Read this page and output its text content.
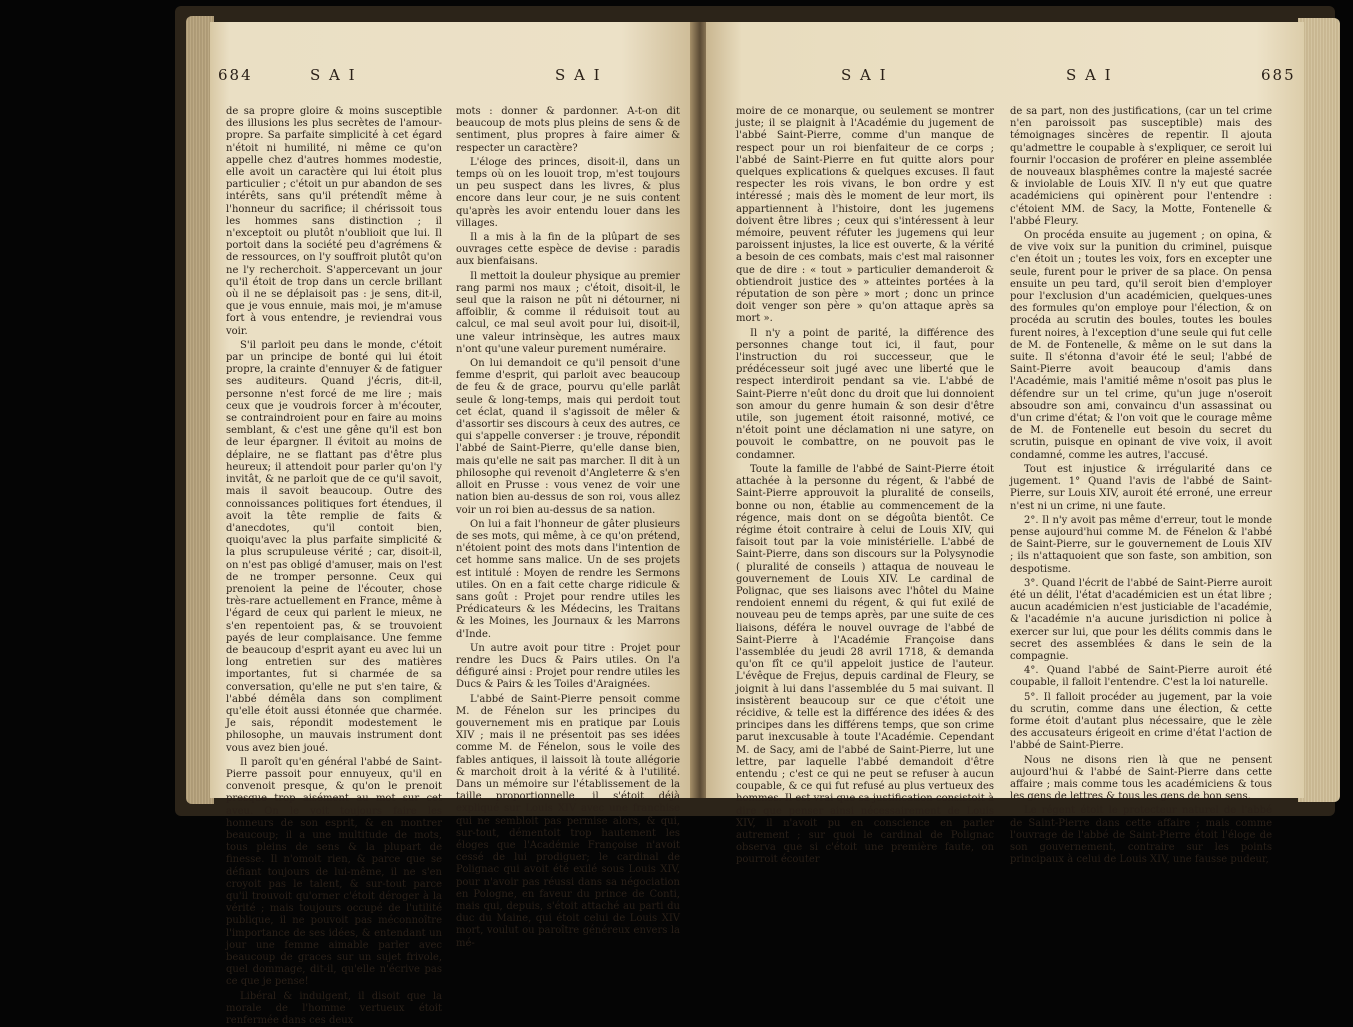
684	S A I	S A I

de sa propre gloire & moins susceptible des illusions les plus secrètes de l'amour-propre. Sa parfaite simplicité à cet égard n'étoit ni humilité, ni même ce qu'on appelle chez d'autres hommes modestie, elle avoit un caractère qui lui étoit plus particulier ; c'étoit un pur abandon de ses intérêts, sans qu'il prétendît même à l'honneur du sacrifice; il chérissoit tous les hommes sans distinction ; il n'exceptoit ou plutôt n'oublioit que lui. Il portoit dans la société peu d'agrémens & de ressources, on l'y souffroit plutôt qu'on ne l'y recherchoit. S'appercevant un jour qu'il étoit de trop dans un cercle brillant où il ne se déplaisoit pas : je sens, dit-il, que je vous ennuie, mais moi, je m'amuse fort à vous entendre, je reviendrai vous voir.

S'il parloit peu dans le monde, c'étoit par un principe de bonté qui lui étoit propre, la crainte d'ennuyer & de fatiguer ses auditeurs. Quand j'écris, dit-il, personne n'est forcé de me lire ; mais ceux que je voudrois forcer à m'écouter, se contraindroient pour en faire au moins semblant, & c'est une gêne qu'il est bon de leur épargner. Il évitoit au moins de déplaire, ne se flattant pas d'être plus heureux; il attendoit pour parler qu'on l'y invitât, & ne parloit que de ce qu'il savoit, mais il savoit beaucoup. Outre des connoissances politiques fort étendues, il avoit la tête remplie de faits & d'anecdotes, qu'il contoit bien, quoiqu'avec la plus parfaite simplicité & la plus scrupuleuse vérité ; car, disoit-il, on n'est pas obligé d'amuser, mais on l'est de ne tromper personne. Ceux qui prenoient la peine de l'écouter, chose très-rare actuellement en France, même à l'égard de ceux qui parlent le mieux, ne s'en repentoient pas, & se trouvoient payés de leur complaisance. Une femme de beaucoup d'esprit ayant eu avec lui un long entretien sur des matières importantes, fut si charmée de sa conversation, qu'elle ne put s'en taire, & l'abbé démêla dans son compliment qu'elle étoit aussi étonnée que charmée. Je sais, répondit modestement le philosophe, un mauvais instrument dont vous avez bien joué.

Il paroît qu'en général l'abbé de Saint-Pierre passoit pour ennuyeux, qu'il en convenoit presque, & qu'on le prenoit presque trop aisément au mot sur cet aveu. On le voit toujours faire les honneurs de son esprit, & en montrer beaucoup; il a une multitude de mots, tous pleins de sens & la plupart de finesse. Il n'omoit rien, & parce que se défiant toujours de lui-même, il ne s'en croyoit pas le talent, & sur-tout parce qu'il trouvoit qu'orner c'étoit déroger à la vérité ; mais toujours occupé de l'utilité publique, il ne pouvoit pas méconnoître l'importance de ses idées, & entendant un jour une femme aimable parler avec beaucoup de graces sur un sujet frivole, quel dommage, dit-il, qu'elle n'écrive pas ce que je pense!

Libéral & indulgent, il disoit que la morale de l'homme vertueux étoit renfermée dans ces deux

mots : donner & pardonner. A-t-on dit beaucoup de mots plus pleins de sens & de sentiment, plus propres à faire aimer & respecter un caractère?

L'éloge des princes, disoit-il, dans un temps où on les louoit trop, m'est toujours un peu suspect dans les livres, & plus encore dans leur cour, je ne suis content qu'après les avoir entendu louer dans les villages.

Il a mis à la fin de la plûpart de ses ouvrages cette espèce de devise : paradis aux bienfaisans.

Il mettoit la douleur physique au premier rang parmi nos maux ; c'étoit, disoit-il, le seul que la raison ne pût ni détourner, ni affoiblir, & comme il réduisoit tout au calcul, ce mal seul avoit pour lui, disoit-il, une valeur intrinsèque, les autres maux n'ont qu'une valeur purement numéraire.

On lui demandoit ce qu'il pensoit d'une femme d'esprit, qui parloit avec beaucoup de feu & de grace, pourvu qu'elle parlât seule & long-temps, mais qui perdoit tout cet éclat, quand il s'agissoit de mêler & d'assortir ses discours à ceux des autres, ce qui s'appelle converser : je trouve, répondit l'abbé de Saint-Pierre, qu'elle danse bien, mais qu'elle ne sait pas marcher. Il dit à un philosophe qui revenoit d'Angleterre & s'en alloit en Prusse : vous venez de voir une nation bien au-dessus de son roi, vous allez voir un roi bien au-dessus de sa nation.

On lui a fait l'honneur de gâter plusieurs de ses mots, qui même, à ce qu'on prétend, n'étoient point des mots dans l'intention de cet homme sans malice. Un de ses projets est intitulé : Moyen de rendre les Sermons utiles. On en a fait cette charge ridicule & sans goût : Projet pour rendre utiles les Prédicateurs & les Médecins, les Traitans & les Moines, les Journaux & les Marrons d'Inde.

Un autre avoit pour titre : Projet pour rendre les Ducs & Pairs utiles. On l'a défiguré ainsi : Projet pour rendre utiles les Ducs & Pairs & les Toiles d'Araignées.

L'abbé de Saint-Pierre pensoit comme M. de Fénelon sur les principes du gouvernement mis en pratique par Louis XIV ; mais il ne présentoit pas ses idées comme M. de Fénelon, sous le voile des fables antiques, il laissoit là toute allégorie & marchoit droit à la vérité & à l'utilité. Dans un mémoire sur l'établissement de la taille proportionnelle, il s'étoit déjà expliqué sur Louis XIV avec une franchise qui ne sembloit pas permise alors, & qui, sur-tout, démentoit trop hautement les éloges que l'Académie Françoise n'avoit cessé de lui prodiguer; le cardinal de Polignac qui avoit été exilé sous Louis XIV, pour n'avoir pas réussi dans sa négociation en Pologne, en faveur du prince de Conti, mais qui, depuis, s'étoit attaché au parti du duc du Maine, qui étoit celui de Louis XIV mort, voulut ou paroître généreux envers la mé-

S A I	S A I	685

moire de ce monarque, ou seulement se montrer juste; il se plaignit à l'Académie du jugement de l'abbé Saint-Pierre, comme d'un manque de respect pour un roi bienfaiteur de ce corps ; l'abbé de Saint-Pierre en fut quitte alors pour quelques explications & quelques excuses. Il faut respecter les rois vivans, le bon ordre y est intéressé ; mais dès le moment de leur mort, ils appartiennent à l'histoire, dont les jugemens doivent être libres ; ceux qui s'intéressent à leur mémoire, peuvent réfuter les jugemens qui leur paroissent injustes, la lice est ouverte, & la vérité a besoin de ces combats, mais c'est mal raisonner que de dire : « tout » particulier demanderoit & obtiendroit justice des » atteintes portées à la réputation de son père » mort ; donc un prince doit venger son père » qu'on attaque après sa mort ».

Il n'y a point de parité, la différence des personnes change tout ici, il faut, pour l'instruction du roi successeur, que le prédécesseur soit jugé avec une liberté que le respect interdiroit pendant sa vie. L'abbé de Saint-Pierre n'eût donc du droit que lui donnoient son amour du genre humain & son desir d'être utile, son jugement étoit raisonné, motivé, ce n'étoit point une déclamation ni une satyre, on pouvoit le combattre, on ne pouvoit pas le condamner.

Toute la famille de l'abbé de Saint-Pierre étoit attachée à la personne du régent, & l'abbé de Saint-Pierre approuvoit la pluralité de conseils, bonne ou non, établie au commencement de la régence, mais dont on se dégoûta bientôt. Ce régime étoit contraire à celui de Louis XIV, qui faisoit tout par la voie ministérielle. L'abbé de Saint-Pierre, dans son discours sur la Polysynodie ( pluralité de conseils ) attaqua de nouveau le gouvernement de Louis XIV. Le cardinal de Polignac, que ses liaisons avec l'hôtel du Maine rendoient ennemi du régent, & qui fut exilé de nouveau peu de temps après, par une suite de ces liaisons, déféra le nouvel ouvrage de l'abbé de Saint-Pierre à l'Académie Françoise dans l'assemblée du jeudi 28 avril 1718, & demanda qu'on fît ce qu'il appeloit justice de l'auteur. L'évêque de Frejus, depuis cardinal de Fleury, se joignit à lui dans l'assemblée du 5 mai suivant. Il insistèrent beaucoup sur ce que c'étoit une récidive, & telle est la différence des idées & des principes dans les différens temps, que son crime parut inexcusable à toute l'Académie. Cependant M. de Sacy, ami de l'abbé de Saint-Pierre, lut une lettre, par laquelle l'abbé demandoit d'être entendu ; c'est ce qui ne peut se refuser à aucun coupable, & ce qui fut refusé au plus vertueux des hommes. Il est vrai que sa justification consistoit à dire que penser ainsi nécessairement de Louis XIV, il n'avoit pu en conscience en parler autrement ; sur quoi le cardinal de Polignac observa que si c'étoit une première faute, on pourroit écouter

de sa part, non des justifications, (car un tel crime n'en paroissoit pas susceptible) mais des témoignages sincères de repentir. Il ajouta qu'admettre le coupable à s'expliquer, ce seroit lui fournir l'occasion de proférer en pleine assemblée de nouveaux blasphêmes contre la majesté sacrée & inviolable de Louis XIV. Il n'y eut que quatre académiciens qui opinèrent pour l'entendre : c'étoient MM. de Sacy, la Motte, Fontenelle & l'abbé Fleury.

On procéda ensuite au jugement ; on opina, & de vive voix sur la punition du criminel, puisque c'en étoit un ; toutes les voix, fors en excepter une seule, furent pour le priver de sa place. On pensa ensuite un peu tard, qu'il seroit bien d'employer pour l'exclusion d'un académicien, quelques-unes des formules qu'on employe pour l'élection, & on procéda au scrutin des boules, toutes les boules furent noires, à l'exception d'une seule qui fut celle de M. de Fontenelle, & même on le sut dans la suite. Il s'étonna d'avoir été le seul; l'abbé de Saint-Pierre avoit beaucoup d'amis dans l'Académie, mais l'amitié même n'osoit pas plus le défendre sur un tel crime, qu'un juge n'oseroit absoudre son ami, convaincu d'un assassinat ou d'un crime d'état; & l'on voit que le courage même de M. de Fontenelle eut besoin du secret du scrutin, puisque en opinant de vive voix, il avoit condamné, comme les autres, l'accusé.

Tout est injustice & irrégularité dans ce jugement. 1° Quand l'avis de l'abbé de Saint-Pierre, sur Louis XIV, auroit été erroné, une erreur n'est ni un crime, ni une faute.

2°. Il n'y avoit pas même d'erreur, tout le monde pense aujourd'hui comme M. de Fénelon & l'abbé de Saint-Pierre, sur le gouvernement de Louis XIV ; ils n'attaquoient que son faste, son ambition, son despotisme.

3°. Quand l'écrit de l'abbé de Saint-Pierre auroit été un délit, l'état d'académicien est un état libre ; aucun académicien n'est justiciable de l'académie, & l'académie n'a aucune jurisdiction ni police à exercer sur lui, que pour les délits commis dans le secret des assemblées & dans le sein de la compagnie.

4°. Quand l'abbé de Saint-Pierre auroit été coupable, il falloit l'entendre. C'est la loi naturelle.

5°. Il falloit procéder au jugement, par la voie du scrutin, comme dans une élection, & cette forme étoit d'autant plus nécessaire, que le zèle des accusateurs érigeoit en crime d'état l'action de l'abbé de Saint-Pierre.

Nous ne disons rien là que ne pensent aujourd'hui & l'abbé de Saint-Pierre dans cette affaire ; mais comme tous les académiciens & tous les gens de lettres & tous les gens de bon sens.

Le régent étoit le protecteur naturel de l'abbé de Saint-Pierre dans cette affaire ; mais comme l'ouvrage de l'abbé de Saint-Pierre étoit l'éloge de son gouvernement, contraire sur les points principaux à celui de Louis XIV, une fausse pudeur,
